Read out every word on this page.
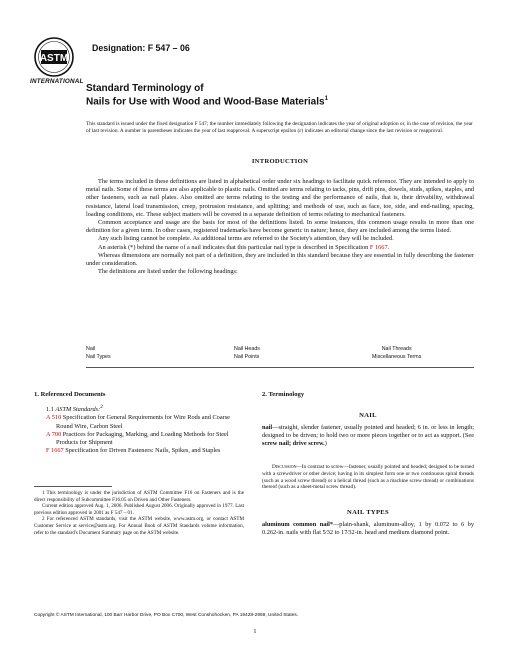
ASTM
INTERNATIONAL
Designation: F 547 – 06
Standard Terminology of
Nails for Use with Wood and Wood-Base Materials$^1$
This standard is issued under the fixed designation F 547; the number immediately following the designation indicates the year of original adoption or, in the case of revision, the year of last revision. A number in parentheses indicates the year of last reapproval. A superscript epsilon (ε) indicates an editorial change since the last revision or reapproval.
INTRODUCTION

The terms included in these definitions are listed in alphabetical order under six headings to facilitate quick reference. They are intended to apply to metal nails. Some of these terms are also applicable to plastic nails. Omitted are terms relating to tacks, pins, drift pins, dowels, studs, spikes, staples, and other fasteners, such as nail plates. Also omitted are terms relating to the testing and the performance of nails, that is, their drivability, withdrawal resistance, lateral load transmission, creep, protrusion resistance, and splitting; and methods of use, such as face, toe, side, and end-nailing, spacing, loading conditions, etc. These subject matters will be covered in a separate definition of terms relating to mechanical fasteners.

Common acceptance and usage are the basis for most of the definitions listed. In some instances, this common usage results in more than one definition for a given term. In other cases, registered trademarks have become generic in nature; hence, they are included among the terms listed.

Any such listing cannot be complete. As additional terms are referred to the Society's attention, they will be included.

An asterisk (*) behind the name of a nail indicates that this particular nail type is described in Specification F 1667.

Whereas dimensions are normally not part of a definition, they are included in this standard because they are essential in fully describing the fastener under consideration.

The definitions are listed under the following headings:

Nail
Nail Types
Nail Heads
Nail Points
Nail Threads
Miscellaneous Terms
1. Referenced Documents
1.1 ASTM Standards:$^2$
A 510 Specification for General Requirements for Wire Rods and Coarse Round Wire, Carbon Steel
A 700 Practices for Packaging, Marking, and Loading Methods for Steel Products for Shipment
F 1667 Specification for Driven Fasteners: Nails, Spikes, and Staples

1 This terminology is under the jurisdiction of ASTM Committee F16 on Fasteners and is the direct responsibility of Subcommittee F16.05 on Driven and Other Fasteners.

Current edition approved Aug. 1, 2006. Published August 2006. Originally approved in 1977. Last previous edition approved in 2001 as F 547 – 01.

2 For referenced ASTM standards, visit the ASTM website, www.astm.org, or contact ASTM Customer Service at service@astm.org. For Annual Book of ASTM Standards volume information, refer to the standard's Document Summary page on the ASTM website.

2. Terminology
NAIL
nail—straight, slender fastener, usually pointed and headed; 6 in. or less in length; designed to be driven; to hold two or more pieces together or to act as support. (See screw nail; drive screw.)
Discussion—In contrast to screw—fastener, usually pointed and headed; designed to be turned with a screwdriver or other device; having in its simplest form one or two continuous spiral threads (such as a wood screw thread) or a helical thread (such as a machine screw thread) or combinations thereof (such as a sheet-metal screw thread).
NAIL TYPES
aluminum common nail*—plain-shank, aluminum-alloy, 1 by 0.072 to 6 by 0.262-in. nails with flat 5⁄32 to 17⁄32-in. head and medium diamond point.
Copyright © ASTM International, 100 Barr Harbor Drive, PO Box C700, West Conshohocken, PA 19428-2959, United States.
1
